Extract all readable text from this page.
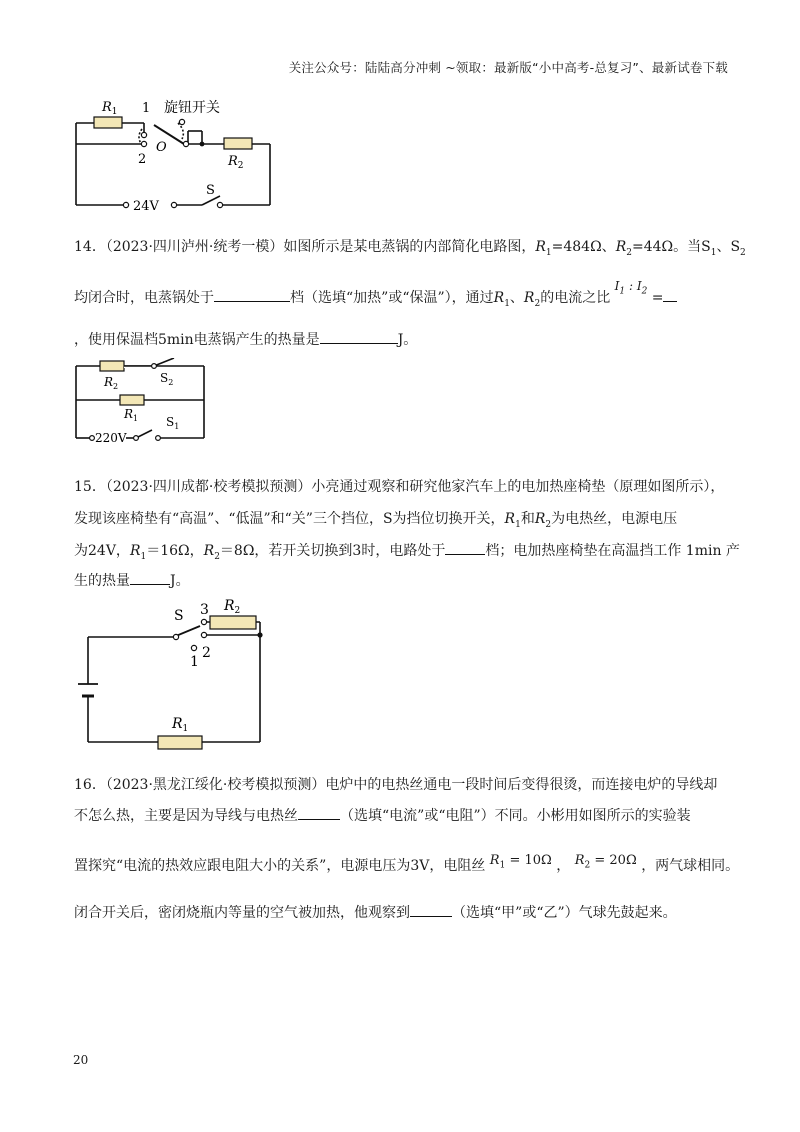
关注公众号：陆陆高分冲刺 ~领取：最新版“小中高考-总复习”、最新试卷下载
$R_1$ 1 旋钮开关
2
O
$R_2$
24V
S
14．（2023·四川泸州·统考一模）如图所示是某电蒸锅的内部简化电路图，$R_1=484\Omega$、$R_2=44\Omega$。当$S_1$、$S_2$
均闭合时，电蒸锅处于	档（选填“加热”或“保温”），通过$R_1$、$R_2$的电流之比 $I_1$ : $I_2$ =
，使用保温档5min电蒸锅产生的热量是	J。
$R_2$
$S_2$
$R_1$ $S_1$
220V
15．（2023·四川成都·校考模拟预测）小亮通过观察和研究他家汽车上的电加热座椅垫（原理如图所示），
发现该座椅垫有“高温”、“低温”和“关”三个挡位，S为挡位切换开关，$R_1$和$R_2$为电热丝，电源电压
为24V，$R_1=16\Omega$，$R_2=8\Omega$，若开关切换到3时，电路处于	档；电加热座椅垫在高温挡工作 1min 产
生的热量	J。
S 3 $R_2$
2
1
$R_1$
16．（2023·黑龙江绥化·校考模拟预测）电炉中的电热丝通电一段时间后变得很烫，而连接电炉的导线却
不怎么热，主要是因为导线与电热丝	（选填“电流”或“电阻”）不同。小彬用如图所示的实验装
置探究“电流的热效应跟电阻大小的关系”，电源电压为3V，电阻丝 $R_1 = 10\Omega$ ， $R_2 = 20\Omega$ ，两气球相同。
闭合开关后，密闭烧瓶内等量的空气被加热，他观察到	（选填“甲”或“乙”）气球先鼓起来。
20
